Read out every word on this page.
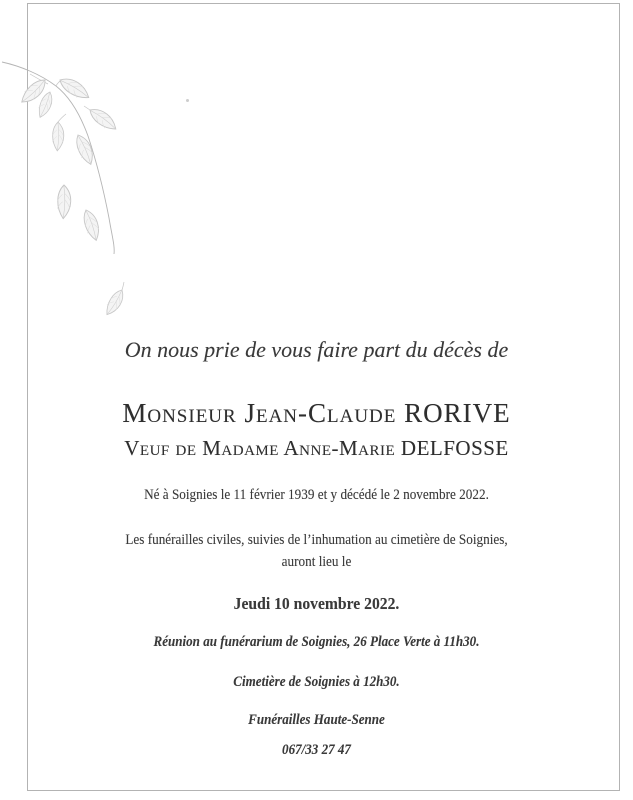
On nous prie de vous faire part du décès de
Monsieur Jean-Claude RORIVE
Veuf de Madame Anne-Marie DELFOSSE
Né à Soignies le 11 février 1939 et y décédé le 2 novembre 2022.
Les funérailles civiles, suivies de l’inhumation au cimetière de Soignies,
auront lieu le
Jeudi 10 novembre 2022.
Réunion au funérarium de Soignies, 26 Place Verte à 11h30.
Cimetière de Soignies à 12h30.
Funérailles Haute-Senne
067/33 27 47
